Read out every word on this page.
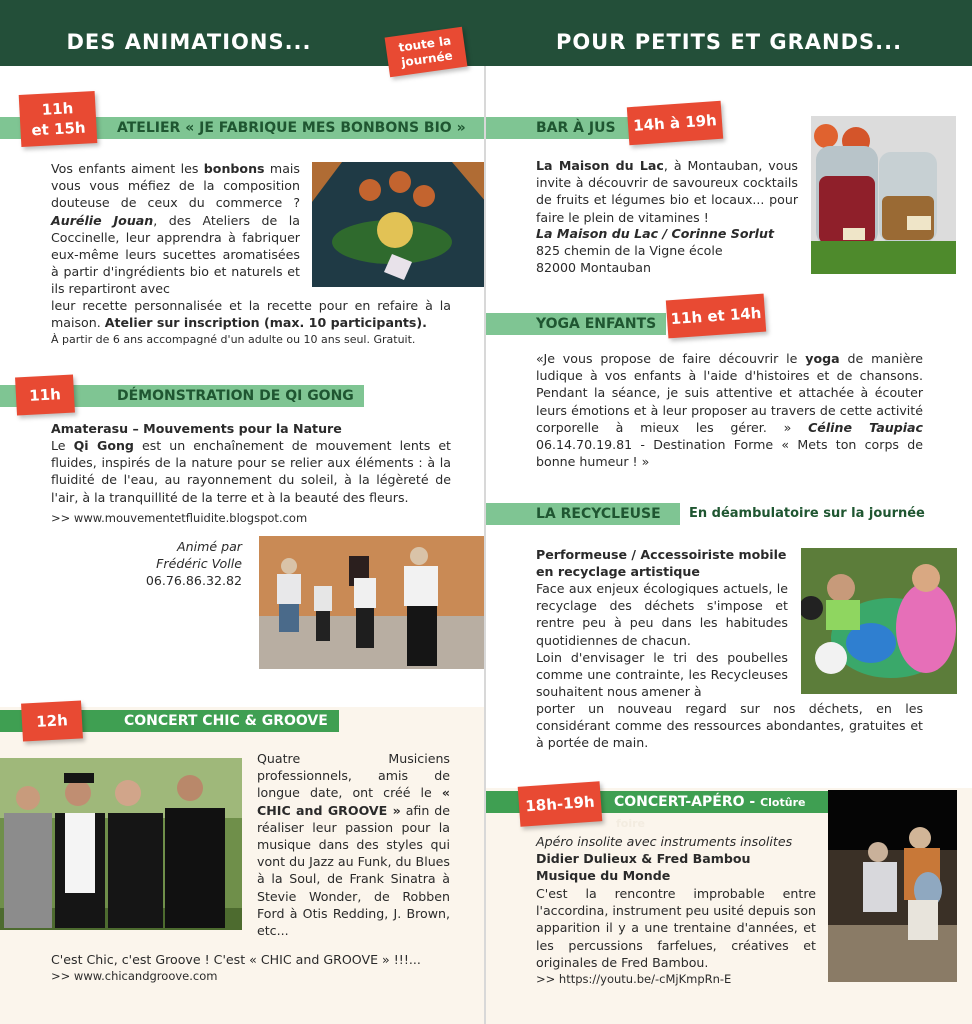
DES ANIMATIONS...	toute la
journée
ATELIER « JE FABRIQUE MES BONBONS BIO »
11h
et 15h
Vos enfants aiment les bonbons mais vous vous méfiez de la composition douteuse de ceux du commerce ? Aurélie Jouan, des Ateliers de la Coccinelle, leur apprendra à fabriquer eux-même leurs sucettes aromatisées à partir d'ingrédients bio et naturels et ils repartiront avec
leur recette personnalisée et la recette pour en refaire à la maison. Atelier sur inscription (max. 10 participants).
À partir de 6 ans accompagné d'un adulte ou 10 ans seul. Gratuit.
DÉMONSTRATION DE QI GONG
11h
Amaterasu – Mouvements pour la Nature
Le Qi Gong est un enchaînement de mouvement lents et fluides, inspirés de la nature pour se relier aux éléments : à la fluidité de l'eau, au rayonnement du soleil, à la légèreté de l'air, à la tranquillité de la terre et à la beauté des fleurs.
>> www.mouvementetfluidite.blogspot.com
Animé par
Frédéric Volle
06.76.86.32.82
CONCERT CHIC & GROOVE
12h
Quatre Musiciens professionnels, amis de longue date, ont créé le « CHIC and GROOVE » afin de réaliser leur passion pour la musique dans des styles qui vont du Jazz au Funk, du Blues à la Soul, de Frank Sinatra à Stevie Wonder, de Robben Ford à Otis Redding, J. Brown, etc...
C'est Chic, c'est Groove ! C'est « CHIC and GROOVE » !!!...
>> www.chicandgroove.com
POUR PETITS ET GRANDS...
BAR À JUS	14h à 19h
La Maison du Lac, à Montauban, vous invite à découvrir de savoureux cocktails de fruits et légumes bio et locaux... pour faire le plein de vitamines !
La Maison du Lac / Corinne Sorlut
825 chemin de la Vigne école
82000 Montauban
YOGA ENFANTS 11h et 14h
«Je vous propose de faire découvrir le yoga de manière ludique à vos enfants à l'aide d'histoires et de chansons. Pendant la séance, je suis attentive et attachée à écouter leurs émotions et à leur proposer au travers de cette activité corporelle à mieux les gérer. » Céline Taupiac 06.14.70.19.81 - Destination Forme « Mets ton corps de bonne humeur ! »
LA RECYCLEUSE En déambulatoire sur la journée
Performeuse / Accessoiriste mobile en recyclage artistique
Face aux enjeux écologiques actuels, le recyclage des déchets s'impose et rentre peu à peu dans les habitudes quotidiennes de chacun.
Loin d'envisager le tri des poubelles comme une contrainte, les Recycleuses souhaitent nous amener à
porter un nouveau regard sur nos déchets, en les considérant comme des ressources abondantes, gratuites et à portée de main.
CONCERT-APÉRO - Clotûre
foire
18h-19h
Apéro insolite avec instruments insolites
Didier Dulieux & Fred Bambou
Musique du Monde
C'est la rencontre improbable entre l'accordina, instrument peu usité depuis son apparition il y a une trentaine d'années, et les percussions farfelues, créatives et originales de Fred Bambou.
>> https://youtu.be/-cMjKmpRn-E
